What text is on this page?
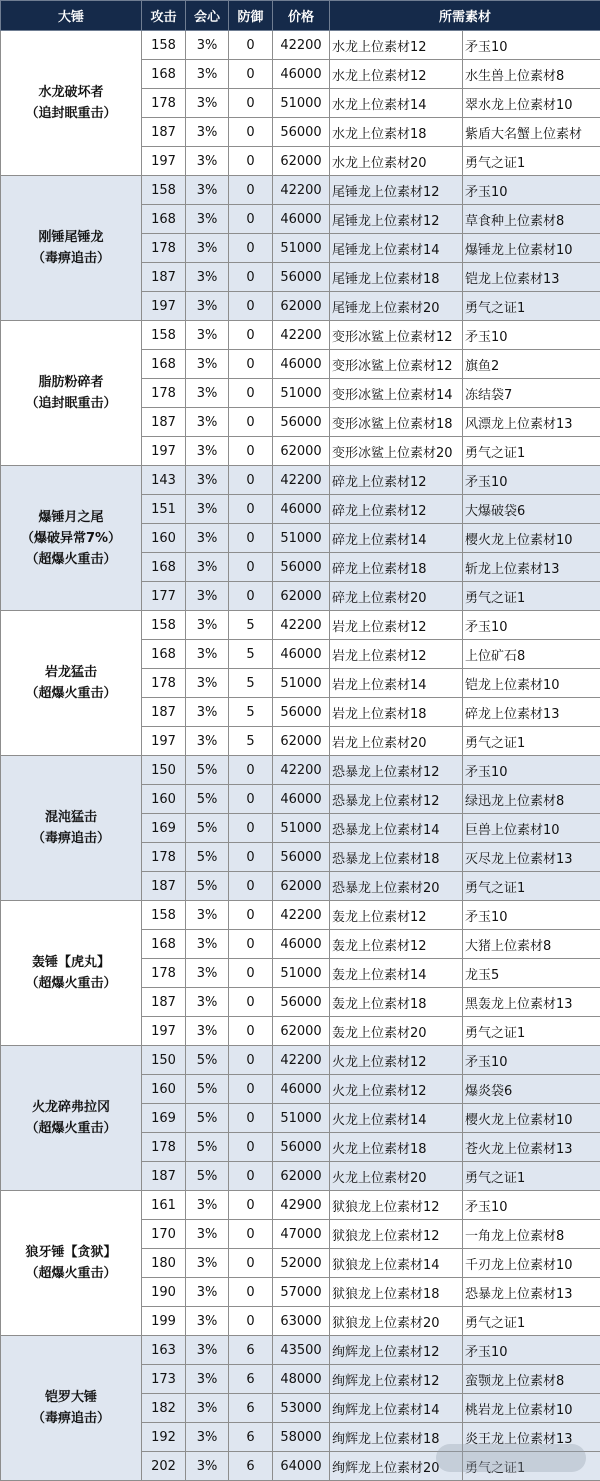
大锤	攻击	会心	防御	价格	所需素材	

水龙破坏者
（追封眠重击）	158	3%	0	42200	水龙上位素材12	矛玉10
	168	3%	0	46000	水龙上位素材12	水生兽上位素材8
	178	3%	0	51000	水龙上位素材14	翠水龙上位素材10
	187	3%	0	56000	水龙上位素材18	紫盾大名蟹上位素材
	197	3%	0	62000	水龙上位素材20	勇气之证1

刚锤尾锤龙
（毒痹追击）	158	3%	0	42200	尾锤龙上位素材12	矛玉10
	168	3%	0	46000	尾锤龙上位素材12	草食种上位素材8
	178	3%	0	51000	尾锤龙上位素材14	爆锤龙上位素材10
	187	3%	0	56000	尾锤龙上位素材18	铠龙上位素材13
	197	3%	0	62000	尾锤龙上位素材20	勇气之证1

脂肪粉碎者
（追封眠重击）	158	3%	0	42200	变形冰鲨上位素材12	矛玉10
	168	3%	0	46000	变形冰鲨上位素材12	旗鱼2
	178	3%	0	51000	变形冰鲨上位素材14	冻结袋7
	187	3%	0	56000	变形冰鲨上位素材18	风漂龙上位素材13
	197	3%	0	62000	变形冰鲨上位素材20	勇气之证1

爆锤月之尾
（爆破异常7%）
（超爆火重击）	143	3%	0	42200	碎龙上位素材12	矛玉10
	151	3%	0	46000	碎龙上位素材12	大爆破袋6
	160	3%	0	51000	碎龙上位素材14	樱火龙上位素材10
	168	3%	0	56000	碎龙上位素材18	斩龙上位素材13
	177	3%	0	62000	碎龙上位素材20	勇气之证1

岩龙猛击
（超爆火重击）	158	3%	5	42200	岩龙上位素材12	矛玉10
	168	3%	5	46000	岩龙上位素材12	上位矿石8
	178	3%	5	51000	岩龙上位素材14	铠龙上位素材10
	187	3%	5	56000	岩龙上位素材18	碎龙上位素材13
	197	3%	5	62000	岩龙上位素材20	勇气之证1

混沌猛击
（毒痹追击）	150	5%	0	42200	恐暴龙上位素材12	矛玉10
	160	5%	0	46000	恐暴龙上位素材12	绿迅龙上位素材8
	169	5%	0	51000	恐暴龙上位素材14	巨兽上位素材10
	178	5%	0	56000	恐暴龙上位素材18	灭尽龙上位素材13
	187	5%	0	62000	恐暴龙上位素材20	勇气之证1

轰锤【虎丸】
（超爆火重击）	158	3%	0	42200	轰龙上位素材12	矛玉10
	168	3%	0	46000	轰龙上位素材12	大猪上位素材8
	178	3%	0	51000	轰龙上位素材14	龙玉5
	187	3%	0	56000	轰龙上位素材18	黑轰龙上位素材13
	197	3%	0	62000	轰龙上位素材20	勇气之证1

火龙碎弗拉冈
（超爆火重击）	150	5%	0	42200	火龙上位素材12	矛玉10
	160	5%	0	46000	火龙上位素材12	爆炎袋6
	169	5%	0	51000	火龙上位素材14	樱火龙上位素材10
	178	5%	0	56000	火龙上位素材18	苍火龙上位素材13
	187	5%	0	62000	火龙上位素材20	勇气之证1

狼牙锤【贪狱】
（超爆火重击）	161	3%	0	42900	狱狼龙上位素材12	矛玉10
	170	3%	0	47000	狱狼龙上位素材12	一角龙上位素材8
	180	3%	0	52000	狱狼龙上位素材14	千刃龙上位素材10
	190	3%	0	57000	狱狼龙上位素材18	恐暴龙上位素材13
	199	3%	0	63000	狱狼龙上位素材20	勇气之证1

铠罗大锤
（毒痹追击）	163	3%	6	43500	绚辉龙上位素材12	矛玉10
	173	3%	6	48000	绚辉龙上位素材12	蛮颚龙上位素材8
	182	3%	6	53000	绚辉龙上位素材14	桃岩龙上位素材10
	192	3%	6	58000	绚辉龙上位素材18	炎王龙上位素材13
	202	3%	6	64000	绚辉龙上位素材20	勇气之证1
